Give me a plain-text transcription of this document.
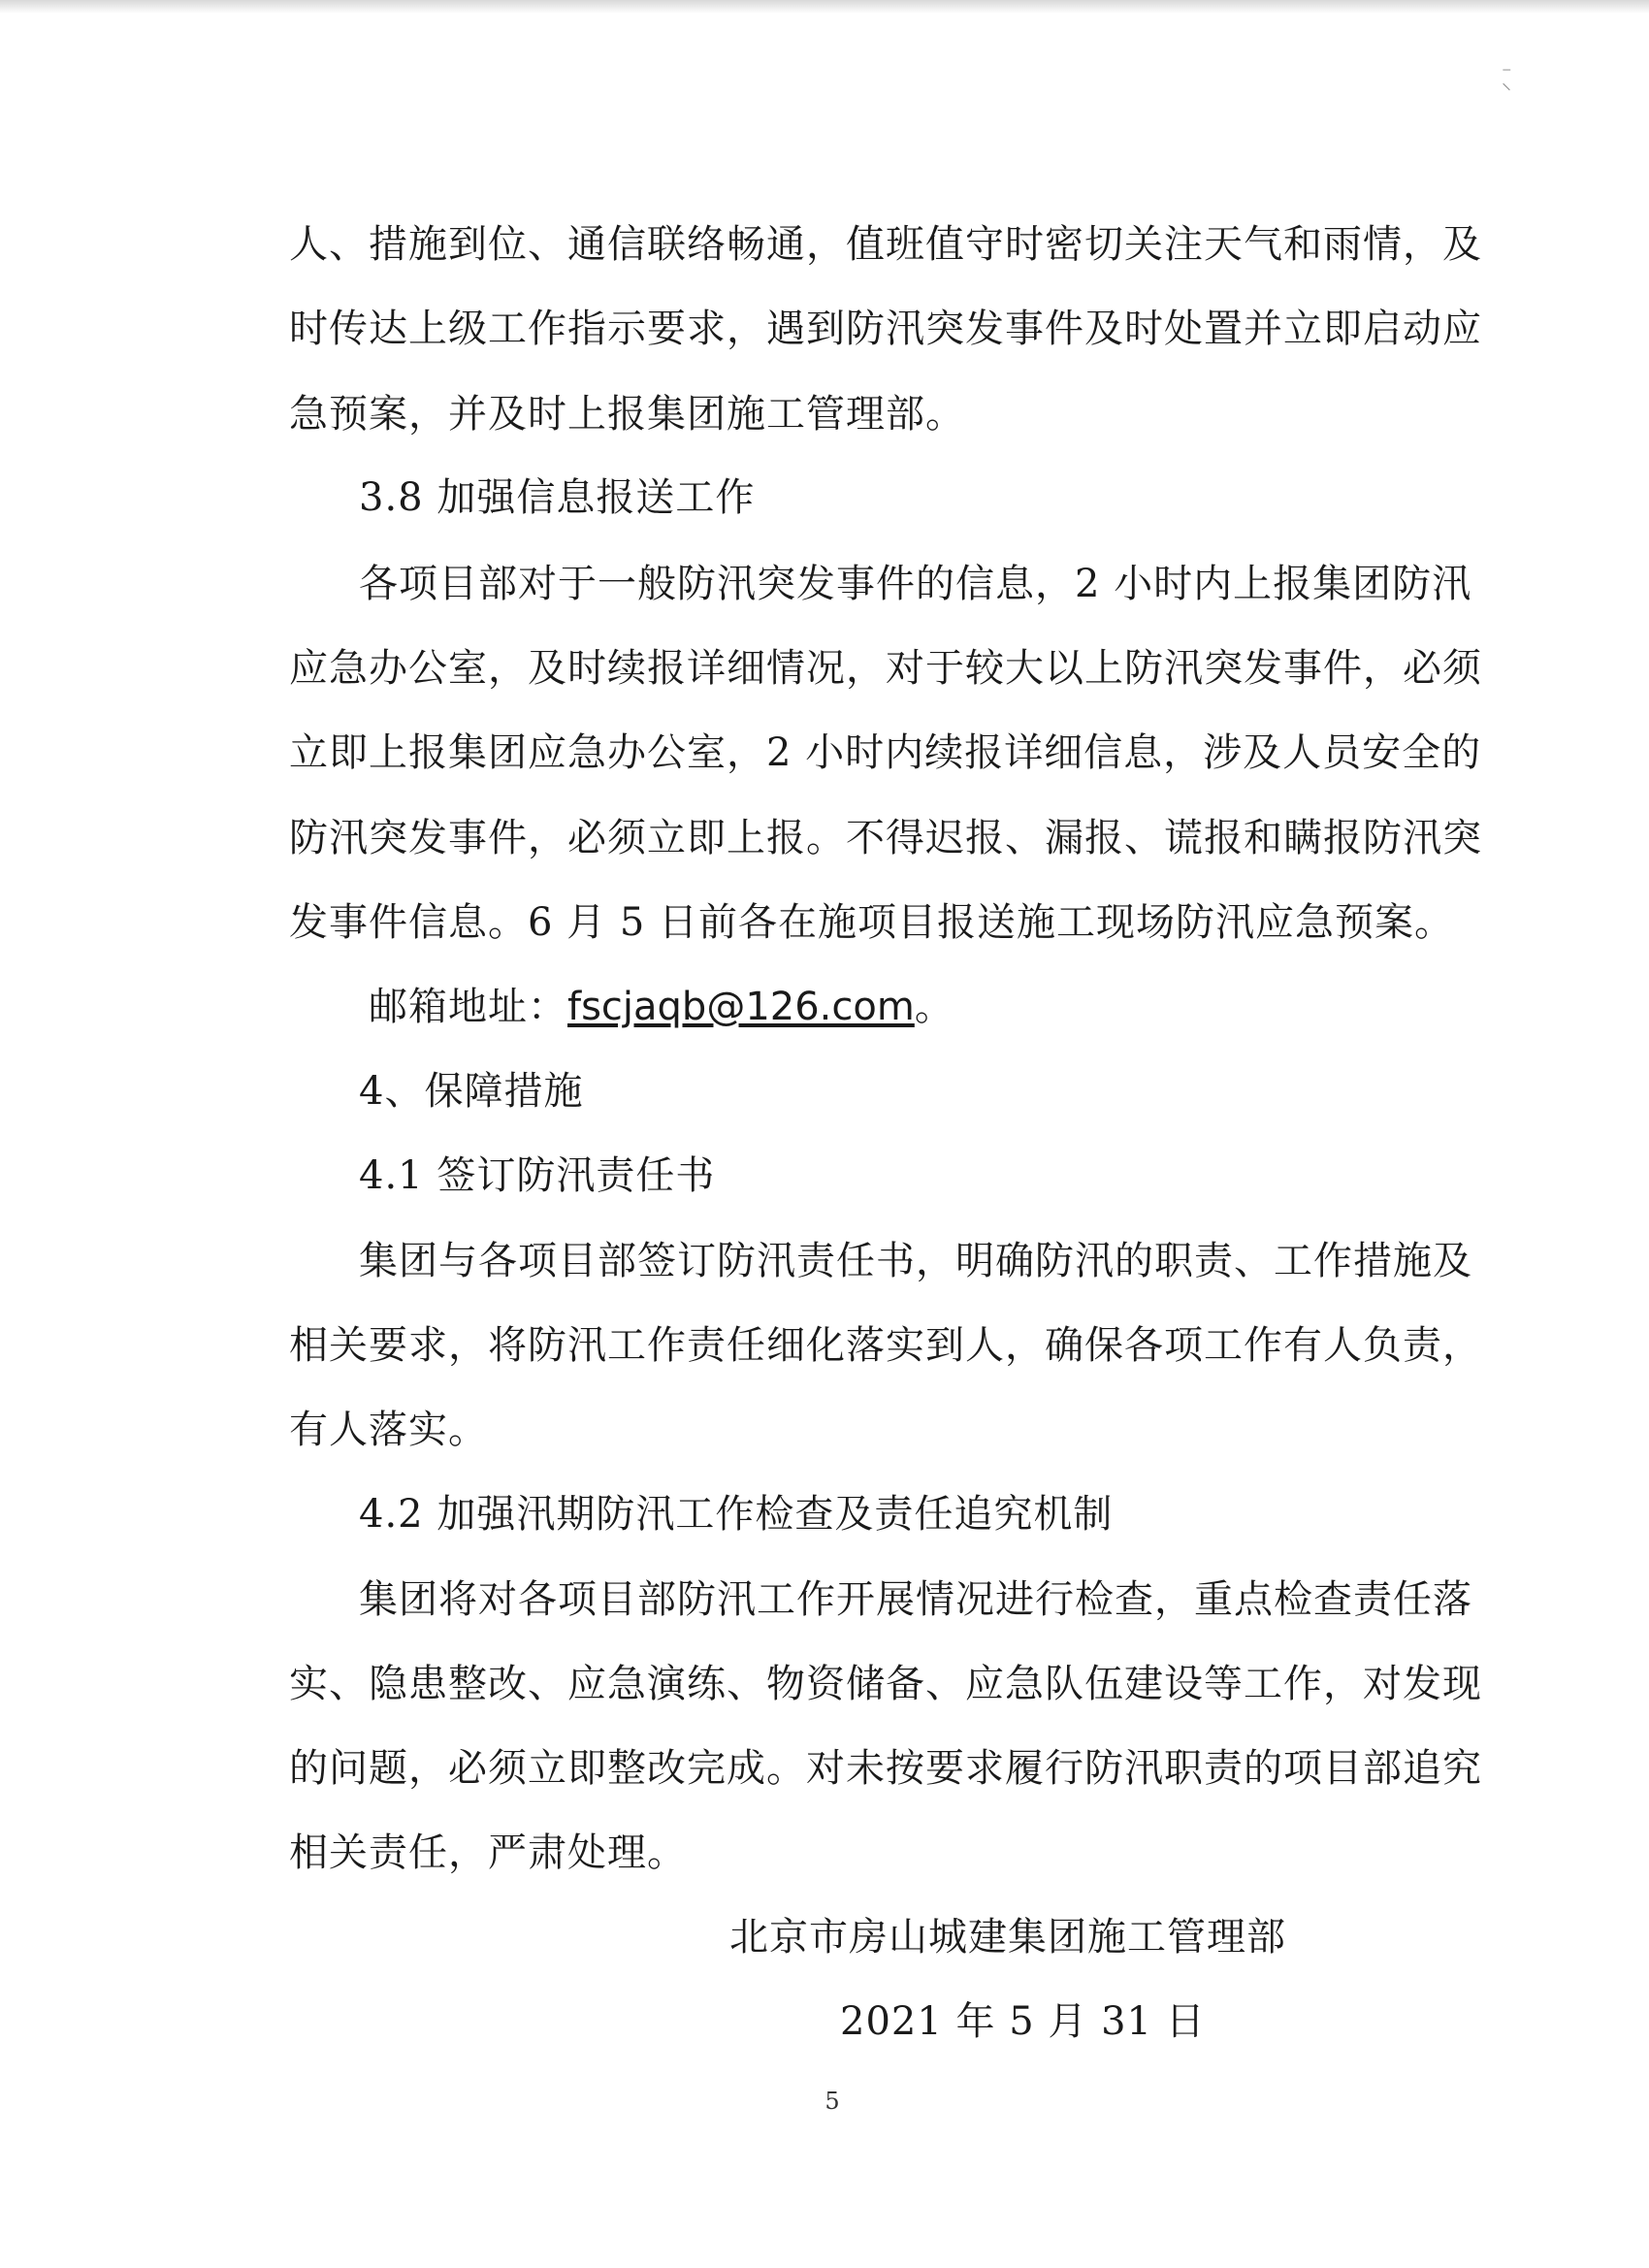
⁻
⸌
人、措施到位、通信联络畅通，值班值守时密切关注天气和雨情，及
时传达上级工作指示要求，遇到防汛突发事件及时处置并立即启动应
急预案，并及时上报集团施工管理部。
3.8 加强信息报送工作
各项目部对于一般防汛突发事件的信息，2 小时内上报集团防汛
应急办公室，及时续报详细情况，对于较大以上防汛突发事件，必须
立即上报集团应急办公室，2 小时内续报详细信息，涉及人员安全的
防汛突发事件，必须立即上报。不得迟报、漏报、谎报和瞒报防汛突
发事件信息。6 月 5 日前各在施项目报送施工现场防汛应急预案。
邮箱地址：fscjaqb@126.com。
4、保障措施
4.1 签订防汛责任书
集团与各项目部签订防汛责任书，明确防汛的职责、工作措施及
相关要求，将防汛工作责任细化落实到人，确保各项工作有人负责，
有人落实。
4.2 加强汛期防汛工作检查及责任追究机制
集团将对各项目部防汛工作开展情况进行检查，重点检查责任落
实、隐患整改、应急演练、物资储备、应急队伍建设等工作，对发现
的问题，必须立即整改完成。对未按要求履行防汛职责的项目部追究
相关责任，严肃处理。
北京市房山城建集团施工管理部
2021 年 5 月 31 日
5
